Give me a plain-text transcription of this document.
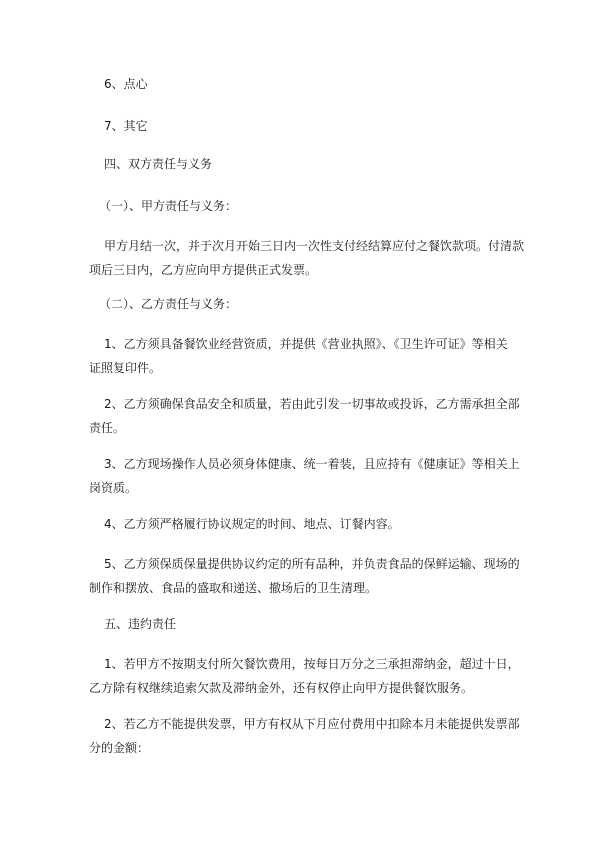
6、点心

7、其它

四、双方责任与义务

（一）、甲方责任与义务：

甲方月结一次，并于次月开始三日内一次性支付经结算应付之餐饮款项。付清款
项后三日内，乙方应向甲方提供正式发票。

（二）、乙方责任与义务：

1、乙方须具备餐饮业经营资质，并提供《营业执照》、《卫生许可证》等相关
证照复印件。

2、乙方须确保食品安全和质量，若由此引发一切事故或投诉，乙方需承担全部
责任。

3、乙方现场操作人员必须身体健康、统一着装，且应持有《健康证》等相关上
岗资质。

4、乙方须严格履行协议规定的时间、地点、订餐内容。

5、乙方须保质保量提供协议约定的所有品种，并负责食品的保鲜运输、现场的
制作和摆放、食品的盛取和递送、撤场后的卫生清理。

五、违约责任

1、若甲方不按期支付所欠餐饮费用，按每日万分之三承担滞纳金，超过十日，
乙方除有权继续追索欠款及滞纳金外，还有权停止向甲方提供餐饮服务。

2、若乙方不能提供发票，甲方有权从下月应付费用中扣除本月未能提供发票部
分的金额：
